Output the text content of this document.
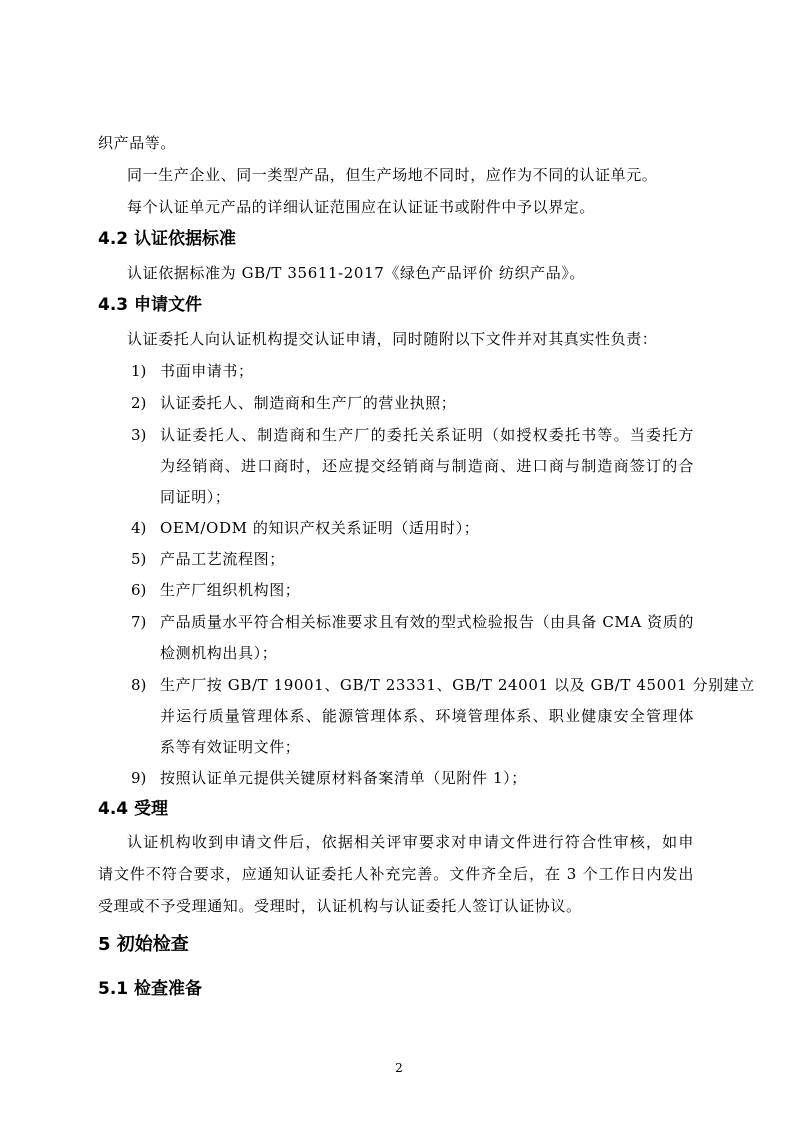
织产品等。
同一生产企业、同一类型产品，但生产场地不同时，应作为不同的认证单元。
每个认证单元产品的详细认证范围应在认证证书或附件中予以界定。
4.2 认证依据标准
认证依据标准为 GB/T 35611-2017《绿色产品评价 纺织产品》。
4.3 申请文件
认证委托人向认证机构提交认证申请，同时随附以下文件并对其真实性负责：
1) 书面申请书；
2) 认证委托人、制造商和生产厂的营业执照；
3) 认证委托人、制造商和生产厂的委托关系证明（如授权委托书等。当委托方
为经销商、进口商时，还应提交经销商与制造商、进口商与制造商签订的合
同证明）；
4) OEM/ODM 的知识产权关系证明（适用时）；
5) 产品工艺流程图；
6) 生产厂组织机构图；
7) 产品质量水平符合相关标准要求且有效的型式检验报告（由具备 CMA 资质的
检测机构出具）；
8) 生产厂按 GB/T 19001、GB/T 23331、GB/T 24001 以及 GB/T 45001 分别建立
并运行质量管理体系、能源管理体系、环境管理体系、职业健康安全管理体
系等有效证明文件；
9) 按照认证单元提供关键原材料备案清单（见附件 1）；
4.4 受理
认证机构收到申请文件后，依据相关评审要求对申请文件进行符合性审核，如申
请文件不符合要求，应通知认证委托人补充完善。文件齐全后，在 3 个工作日内发出
受理或不予受理通知。受理时，认证机构与认证委托人签订认证协议。
5 初始检查
5.1 检查准备
2
